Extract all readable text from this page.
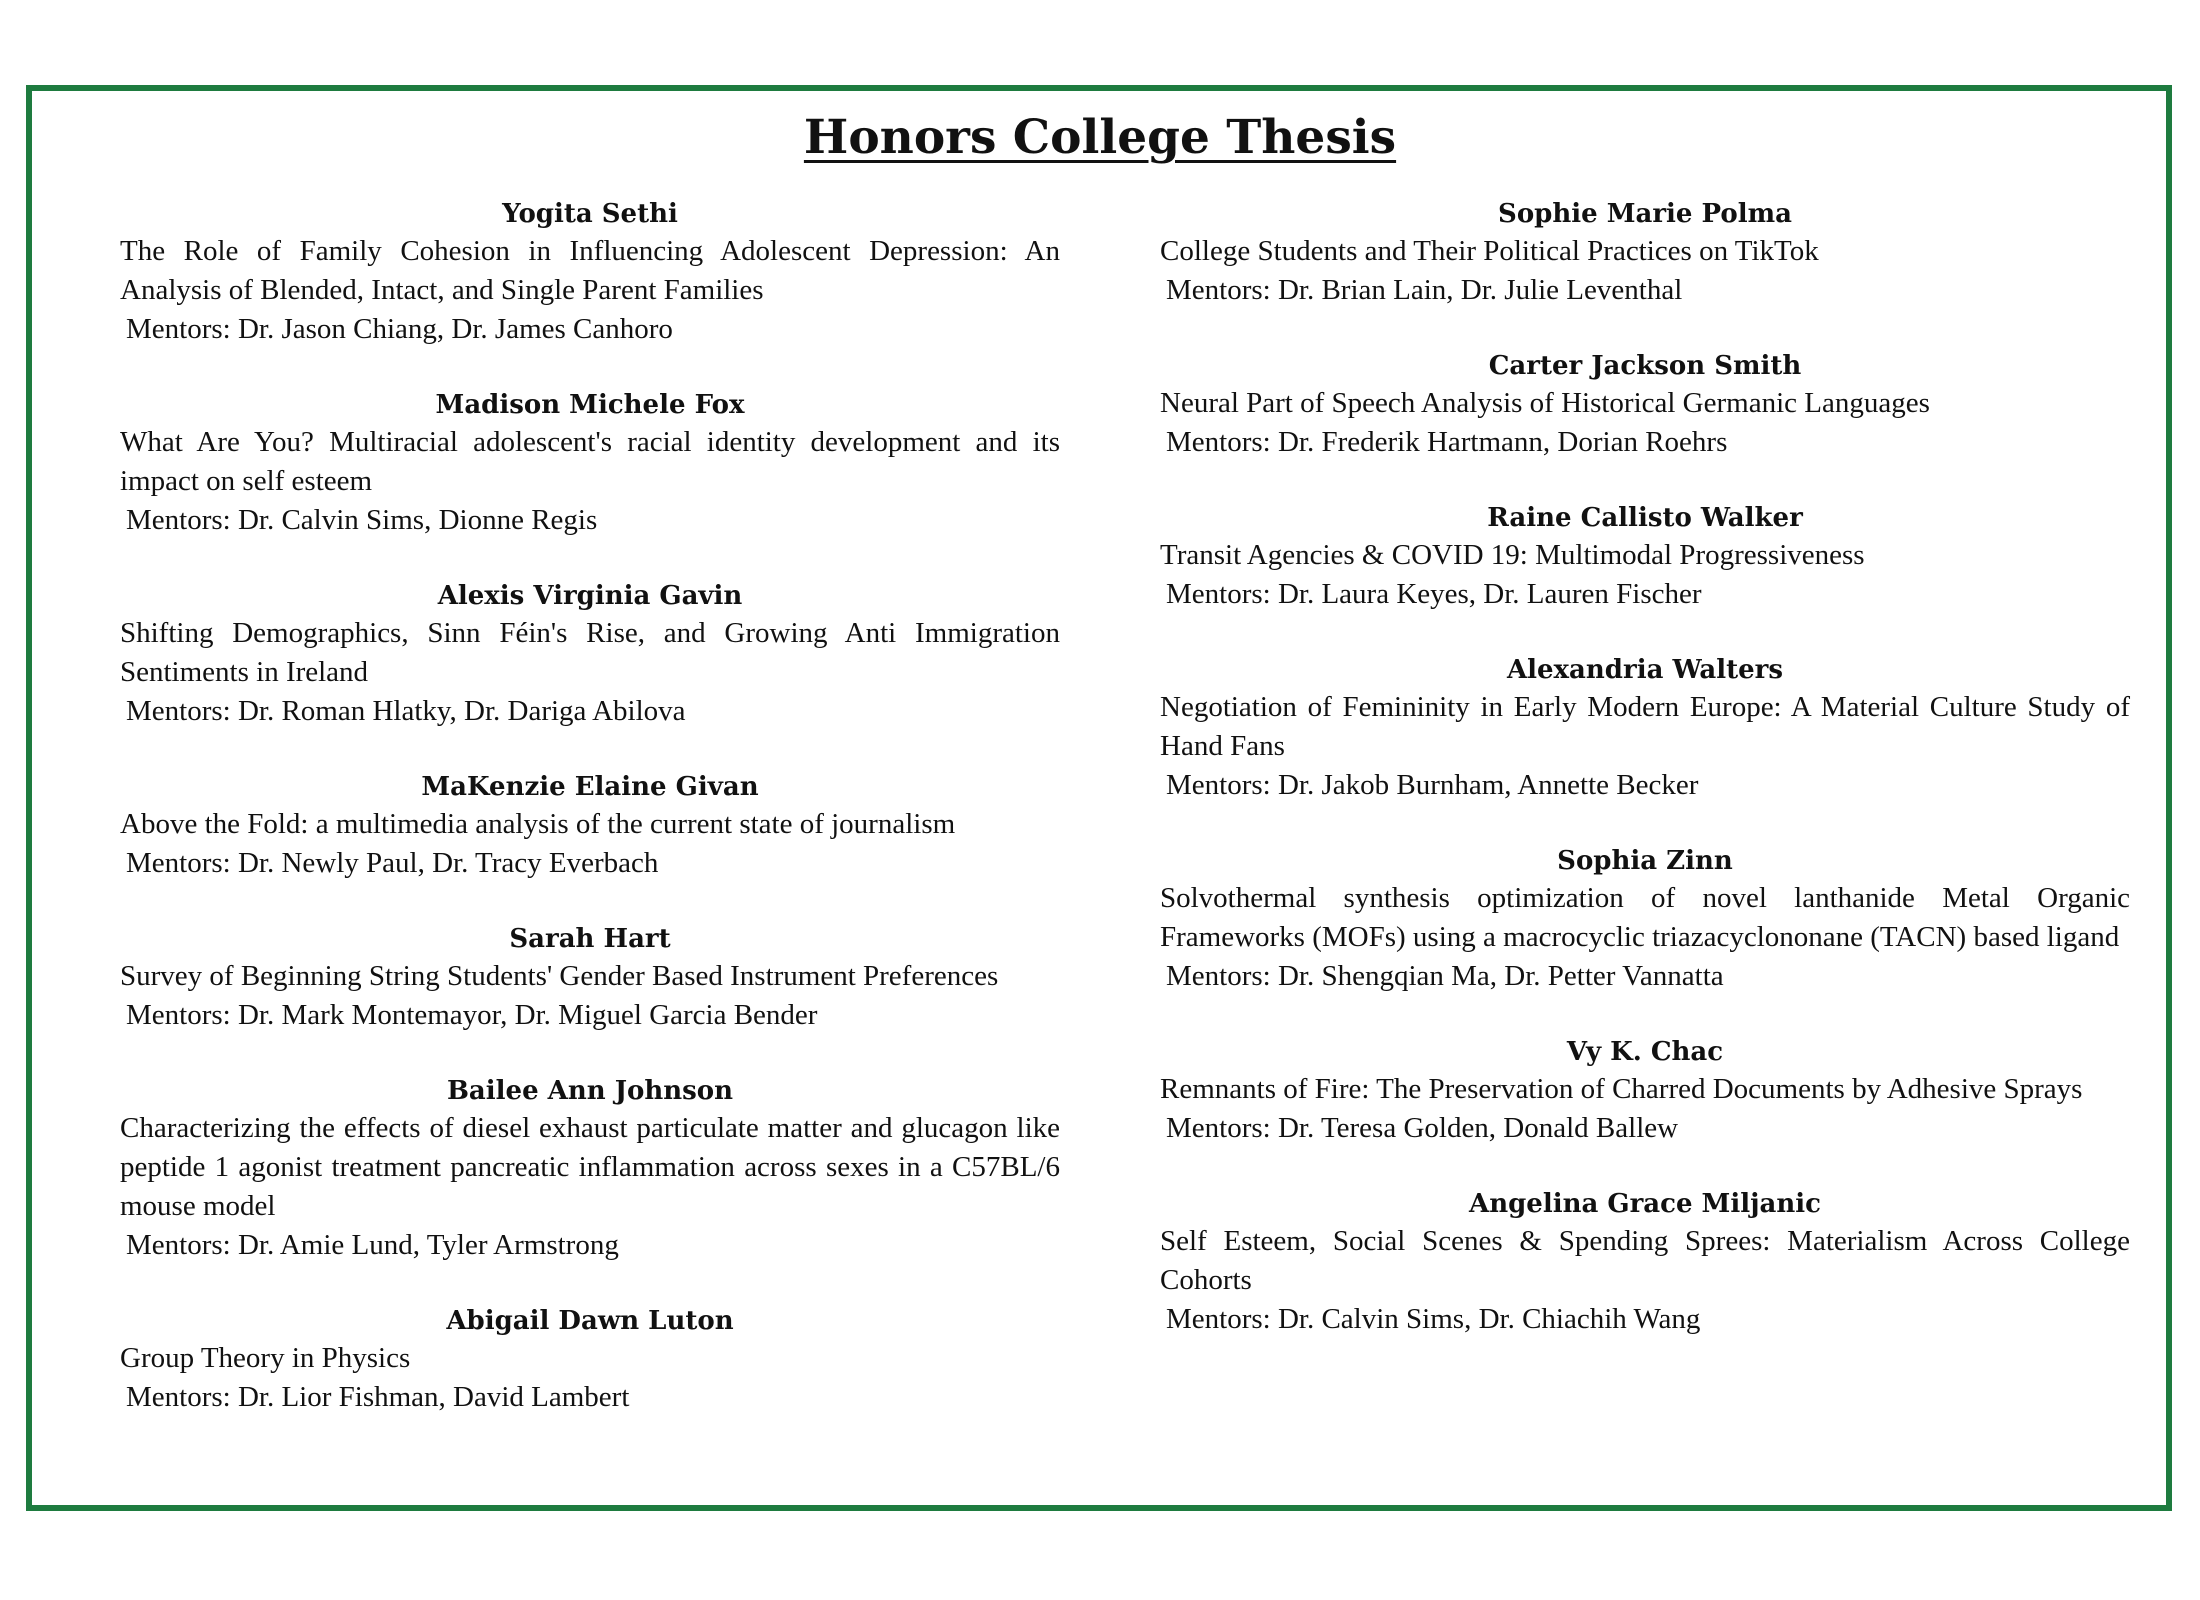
Honors College Thesis
Yogita Sethi
The Role of Family Cohesion in Influencing Adolescent Depression: An Analysis of Blended, Intact, and Single Parent Families
Mentors: Dr. Jason Chiang, Dr. James Canhoro
Madison Michele Fox
What Are You? Multiracial adolescent's racial identity development and its impact on self esteem
Mentors: Dr. Calvin Sims, Dionne Regis
Alexis Virginia Gavin
Shifting Demographics, Sinn Féin's Rise, and Growing Anti Immigration Sentiments in Ireland
Mentors: Dr. Roman Hlatky, Dr. Dariga Abilova
MaKenzie Elaine Givan
Above the Fold: a multimedia analysis of the current state of journalism
Mentors: Dr. Newly Paul, Dr. Tracy Everbach
Sarah Hart
Survey of Beginning String Students' Gender Based Instrument Preferences
Mentors: Dr. Mark Montemayor, Dr. Miguel Garcia Bender
Bailee Ann Johnson
Characterizing the effects of diesel exhaust particulate matter and glucagon like peptide 1 agonist treatment pancreatic inflammation across sexes in a C57BL/6 mouse model
Mentors: Dr. Amie Lund, Tyler Armstrong
Abigail Dawn Luton
Group Theory in Physics
Mentors: Dr. Lior Fishman, David Lambert
Sophie Marie Polma
College Students and Their Political Practices on TikTok
Mentors: Dr. Brian Lain, Dr. Julie Leventhal
Carter Jackson Smith
Neural Part of Speech Analysis of Historical Germanic Languages
Mentors: Dr. Frederik Hartmann, Dorian Roehrs
Raine Callisto Walker
Transit Agencies & COVID 19: Multimodal Progressiveness
Mentors: Dr. Laura Keyes, Dr. Lauren Fischer
Alexandria Walters
Negotiation of Femininity in Early Modern Europe: A Material Culture Study of Hand Fans
Mentors: Dr. Jakob Burnham, Annette Becker
Sophia Zinn
Solvothermal synthesis optimization of novel lanthanide Metal Organic Frameworks (MOFs) using a macrocyclic triazacyclononane (TACN) based ligand
Mentors: Dr. Shengqian Ma, Dr. Petter Vannatta
Vy K. Chac
Remnants of Fire: The Preservation of Charred Documents by Adhesive Sprays
Mentors: Dr. Teresa Golden, Donald Ballew
Angelina Grace Miljanic
Self Esteem, Social Scenes & Spending Sprees: Materialism Across College Cohorts
Mentors: Dr. Calvin Sims, Dr. Chiachih Wang
